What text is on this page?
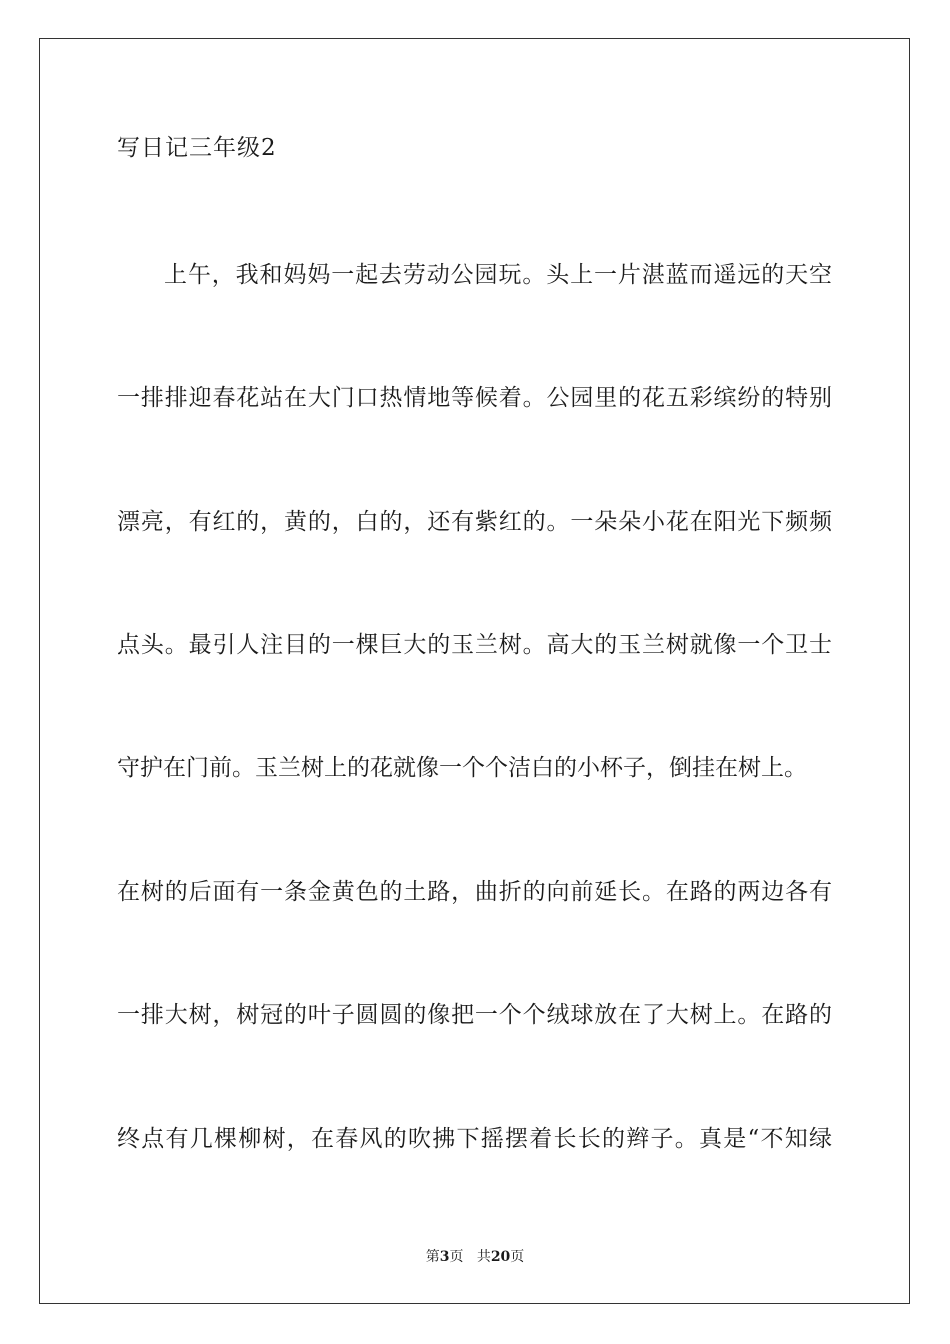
写日记三年级2

上午，我和妈妈一起去劳动公园玩。头上一片湛蓝而遥远的天空

一排排迎春花站在大门口热情地等候着。公园里的花五彩缤纷的特别

漂亮，有红的，黄的，白的，还有紫红的。一朵朵小花在阳光下频频

点头。最引人注目的一棵巨大的玉兰树。高大的玉兰树就像一个卫士

守护在门前。玉兰树上的花就像一个个洁白的小杯子，倒挂在树上。

在树的后面有一条金黄色的土路，曲折的向前延长。在路的两边各有

一排大树，树冠的叶子圆圆的像把一个个绒球放在了大树上。在路的

终点有几棵柳树，在春风的吹拂下摇摆着长长的辫子。真是“不知绿

第3页 共20页
